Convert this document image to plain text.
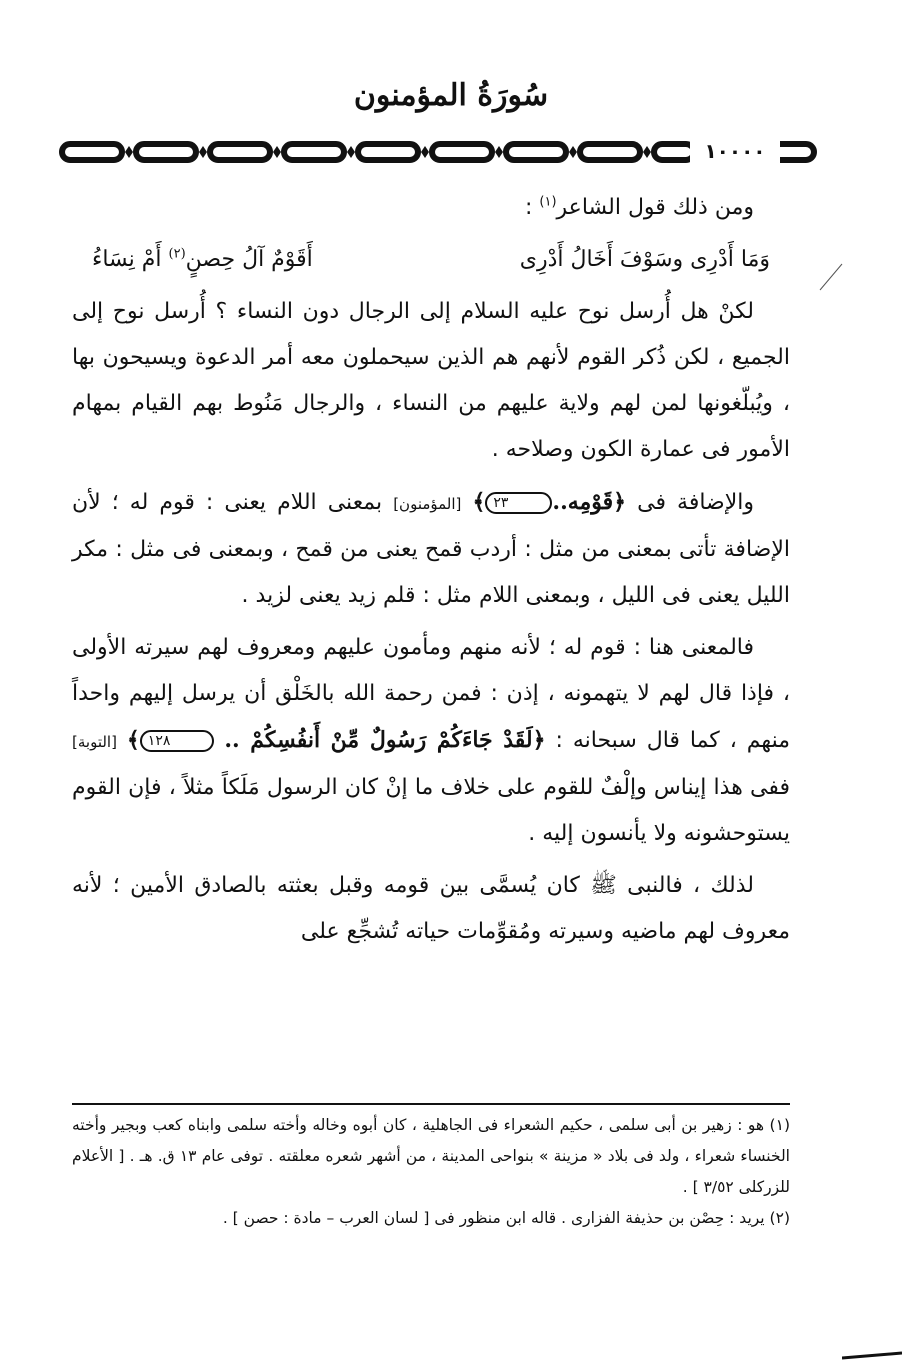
سُورَةُ المؤمنون
١٠٠٠٠

ومن ذلك قول الشاعر$^{(١)}$ :

وَمَا أَدْرِى وسَوْفَ أَخَالُ أَدْرِى
أَقَوْمٌ آلُ حِصنٍ$^{(٢)}$ أَمْ نِسَاءُ

لكنْ هل أُرسل نوح عليه السلام إلى الرجال دون النساء ؟ أُرسل نوح إلى الجميع ، لكن ذُكر القوم لأنهم هم الذين سيحملون معه أمر الدعوة ويسيحون بها ، ويُبلّغونها لمن لهم ولاية عليهم من النساء ، والرجال مَنُوط بهم القيام بمهام الأمور فى عمارة الكون وصلاحه .

والإضافة فى ﴿قَوْمِه..٢٣﴾ [المؤمنون] بمعنى اللام يعنى : قوم له ؛ لأن الإضافة تأتى بمعنى من مثل : أردب قمح يعنى من قمح ، وبمعنى فى مثل : مكر الليل يعنى فى الليل ، وبمعنى اللام مثل : قلم زيد يعنى لزيد .

فالمعنى هنا : قوم له ؛ لأنه منهم ومأمون عليهم ومعروف لهم سيرته الأولى ، فإذا قال لهم لا يتهمونه ، إذن : فمن رحمة الله بالخَلْق أن يرسل إليهم واحداً منهم ، كما قال سبحانه : ﴿لَقَدْ جَاءَكُمْ رَسُولٌ مِّنْ أَنفُسِكُمْ .. ١٢٨﴾ [التوبة] ففى هذا إيناس وإلْفٌ للقوم على خلاف ما إنْ كان الرسول مَلَكاً مثلاً ، فإن القوم يستوحشونه ولا يأنسون إليه .

لذلك ، فالنبى ﷺ كان يُسمَّى بين قومه وقبل بعثته بالصادق الأمين ؛ لأنه معروف لهم ماضيه وسيرته ومُقوِّمات حياته تُشجِّع على

(١) هو : زهير بن أبى سلمى ، حكيم الشعراء فى الجاهلية ، كان أبوه وخاله وأخته سلمى وابناه كعب وبجير وأخته الخنساء شعراء ، ولد فى بلاد « مزينة » بنواحى المدينة ، من أشهر شعره معلقته . توفى عام ١٣ ق. هـ . [ الأعلام للزركلى ٣/٥٢ ] .

(٢) يريد : حِصْن بن حذيفة الفزارى . قاله ابن منظور فى [ لسان العرب – مادة : حصن ] .
